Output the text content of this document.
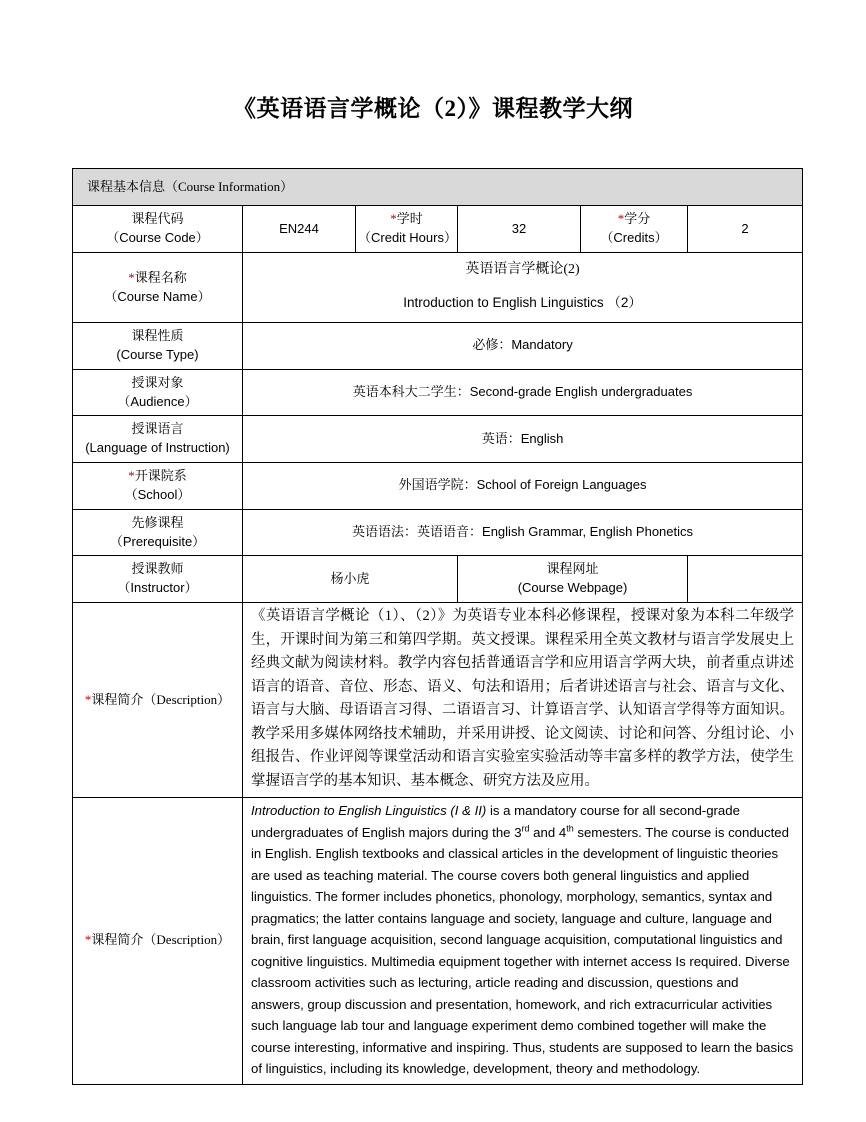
《英语语言学概论（2）》课程教学大纲
课程基本信息（Course Information）					

课程代码
（Course Code）	EN244	*学时
（Credit Hours）	32	*学分
（Credits）	2

*课程名称
（Course Name）	英语语言学概论(2)
Introduction to English Linguistics （2）				

课程性质
(Course Type)	必修：Mandatory				

授课对象
（Audience）	英语本科大二学生：Second-grade English undergraduates				

授课语言
(Language of Instruction)	英语：English				

*开课院系
（School）	外国语学院：School of Foreign Languages				

先修课程
（Prerequisite）	英语语法：英语语音：English Grammar, English Phonetics				

授课教师
（Instructor）	杨小虎		课程网址
(Course Webpage)		

*课程简介（Description）	《英语语言学概论（1）、（2）》为英语专业本科必修课程，授课对象为本科二年级学生，开课时间为第三和第四学期。英文授课。课程采用全英文教材与语言学发展史上经典文献为阅读材料。教学内容包括普通语言学和应用语言学两大块，前者重点讲述语言的语音、音位、形态、语义、句法和语用；后者讲述语言与社会、语言与文化、语言与大脑、母语语言习得、二语语言习、计算语言学、认知语言学得等方面知识。教学采用多媒体网络技术辅助，并采用讲授、论文阅读、讨论和问答、分组讨论、小组报告、作业评阅等课堂活动和语言实验室实验活动等丰富多样的教学方法，使学生掌握语言学的基本知识、基本概念、研究方法及应用。				

*课程简介（Description）	Introduction to English Linguistics (I & II) is a mandatory course for all second-grade undergraduates of English majors during the 3rd and 4th semesters. The course is conducted in English. English textbooks and classical articles in the development of linguistic theories are used as teaching material. The course covers both general linguistics and applied linguistics. The former includes phonetics, phonology, morphology, semantics, syntax and pragmatics; the latter contains language and society, language and culture, language and brain, first language acquisition, second language acquisition, computational linguistics and cognitive linguistics. Multimedia equipment together with internet access Is required. Diverse classroom activities such as lecturing, article reading and discussion, questions and answers, group discussion and presentation, homework, and rich extracurricular activities such language lab tour and language experiment demo combined together will make the course interesting, informative and inspiring. Thus, students are supposed to learn the basics of linguistics, including its knowledge, development, theory and methodology.				
